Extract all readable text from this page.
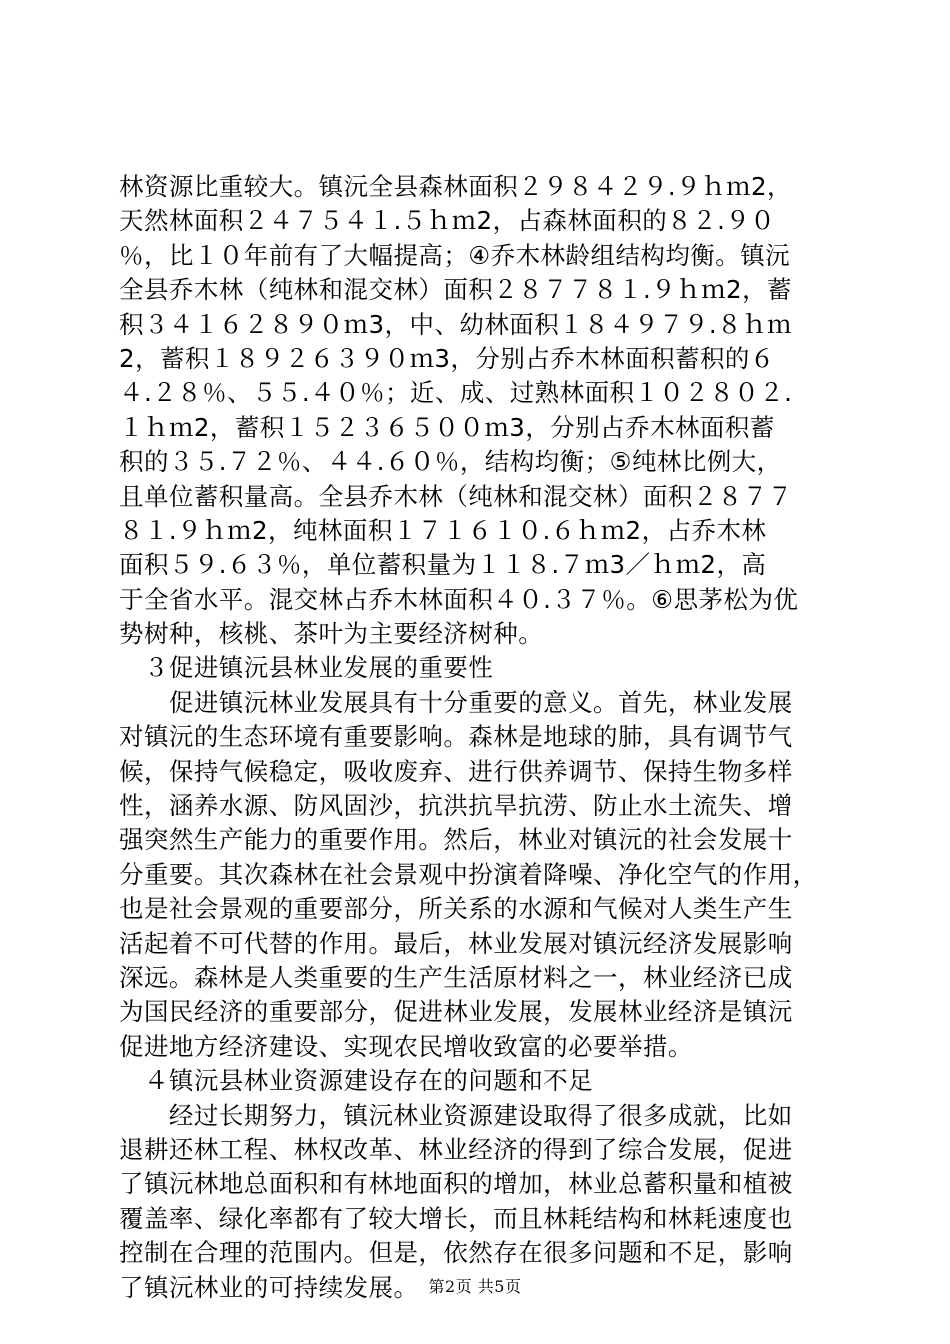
林资源比重较大。镇沅全县森林面积２９８４２９.９ｈｍ2，
天然林面积２４７５４１.５ｈｍ2，占森林面积的８２.９０
％，比１０年前有了大幅提高；④乔木林龄组结构均衡。镇沅
全县乔木林（纯林和混交林）面积２８７７８１.９ｈｍ2，蓄
积３４１６２８９０ｍ3，中、幼林面积１８４９７９.８ｈｍ
2，蓄积１８９２６３９０ｍ3，分别占乔木林面积蓄积的６
４.２８％、５５.４０％；近、成、过熟林面积１０２８０２.
１ｈｍ2，蓄积１５２３６５００ｍ3，分别占乔木林面积蓄
积的３５.７２％、４４.６０％，结构均衡；⑤纯林比例大，
且单位蓄积量高。全县乔木林（纯林和混交林）面积２８７７
８１.９ｈｍ2，纯林面积１７１６１０.６ｈｍ2，占乔木林
面积５９.６３％，单位蓄积量为１１８.７ｍ3／ｈｍ2，高
于全省水平。混交林占乔木林面积４０.３７％。⑥思茅松为优
势树种，核桃、茶叶为主要经济树种。
　３促进镇沅县林业发展的重要性
　　促进镇沅林业发展具有十分重要的意义。首先，林业发展
对镇沅的生态环境有重要影响。森林是地球的肺，具有调节气
候，保持气候稳定，吸收废弃、进行供养调节、保持生物多样
性，涵养水源、防风固沙，抗洪抗旱抗涝、防止水土流失、增
强突然生产能力的重要作用。然后，林业对镇沅的社会发展十
分重要。其次森林在社会景观中扮演着降噪、净化空气的作用，
也是社会景观的重要部分，所关系的水源和气候对人类生产生
活起着不可代替的作用。最后，林业发展对镇沅经济发展影响
深远。森林是人类重要的生产生活原材料之一，林业经济已成
为国民经济的重要部分，促进林业发展，发展林业经济是镇沅
促进地方经济建设、实现农民增收致富的必要举措。
　４镇沅县林业资源建设存在的问题和不足
　　经过长期努力，镇沅林业资源建设取得了很多成就，比如
退耕还林工程、林权改革、林业经济的得到了综合发展，促进
了镇沅林地总面积和有林地面积的增加，林业总蓄积量和植被
覆盖率、绿化率都有了较大增长，而且林耗结构和林耗速度也
控制在合理的范围内。但是，依然存在很多问题和不足，影响
了镇沅林业的可持续发展。 第2页 共5页
